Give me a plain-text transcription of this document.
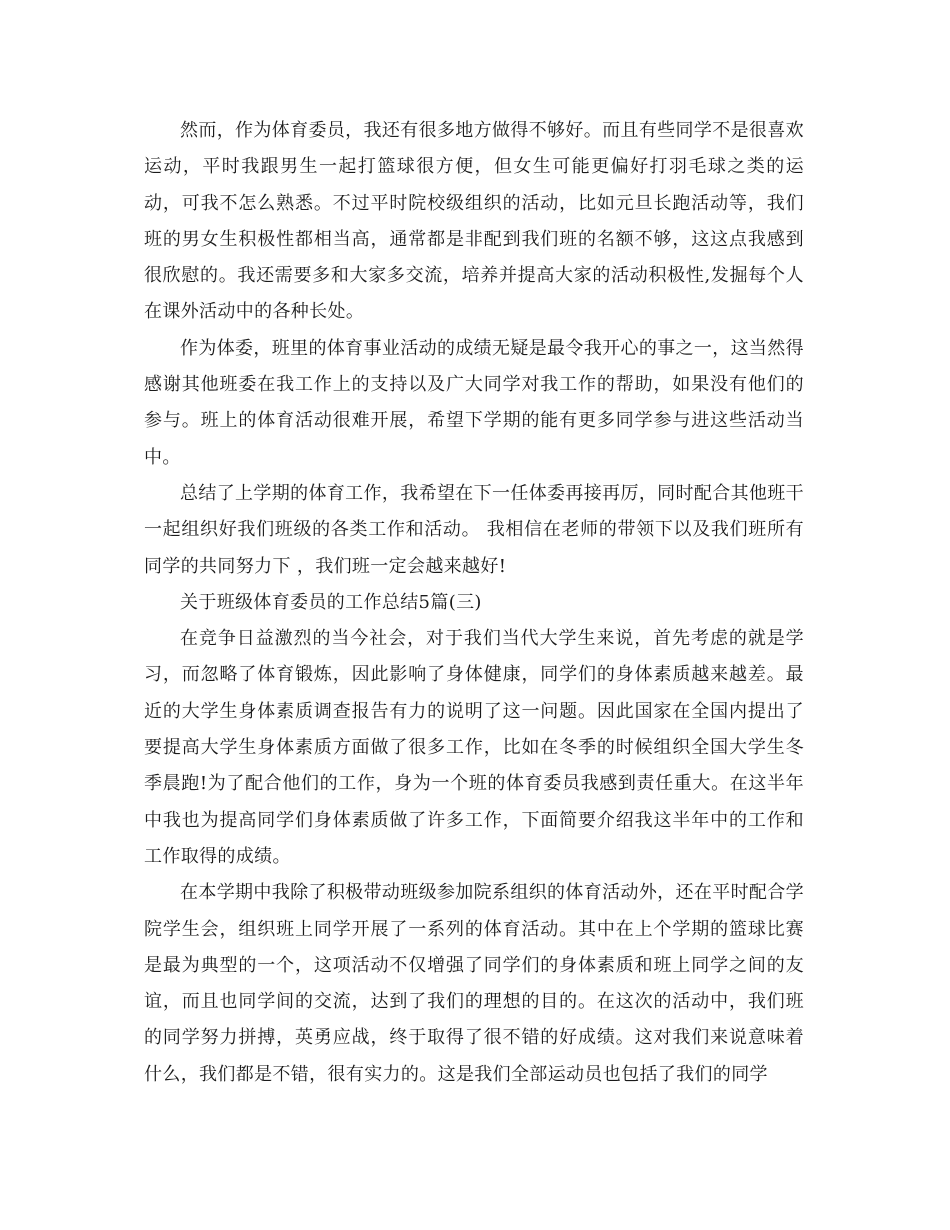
然而，作为体育委员，我还有很多地方做得不够好。而且有些同学不是很喜欢运动，平时我跟男生一起打篮球很方便，但女生可能更偏好打羽毛球之类的运动，可我不怎么熟悉。不过平时院校级组织的活动，比如元旦长跑活动等，我们班的男女生积极性都相当高，通常都是非配到我们班的名额不够，这这点我感到很欣慰的。我还需要多和大家多交流，培养并提高大家的活动积极性,发掘每个人在课外活动中的各种长处。

作为体委，班里的体育事业活动的成绩无疑是最令我开心的事之一，这当然得感谢其他班委在我工作上的支持以及广大同学对我工作的帮助，如果没有他们的参与。班上的体育活动很难开展，希望下学期的能有更多同学参与进这些活动当中。

总结了上学期的体育工作，我希望在下一任体委再接再厉，同时配合其他班干一起组织好我们班级的各类工作和活动。 我相信在老师的带领下以及我们班所有同学的共同努力下 ，我们班一定会越来越好!

关于班级体育委员的工作总结5篇(三)

在竞争日益激烈的当今社会，对于我们当代大学生来说，首先考虑的就是学习，而忽略了体育锻炼，因此影响了身体健康，同学们的身体素质越来越差。最近的大学生身体素质调查报告有力的说明了这一问题。因此国家在全国内提出了要提高大学生身体素质方面做了很多工作，比如在冬季的时候组织全国大学生冬季晨跑!为了配合他们的工作，身为一个班的体育委员我感到责任重大。在这半年中我也为提高同学们身体素质做了许多工作，下面简要介绍我这半年中的工作和工作取得的成绩。

在本学期中我除了积极带动班级参加院系组织的体育活动外，还在平时配合学院学生会，组织班上同学开展了一系列的体育活动。其中在上个学期的篮球比赛是最为典型的一个，这项活动不仅增强了同学们的身体素质和班上同学之间的友谊，而且也同学间的交流，达到了我们的理想的目的。在这次的活动中，我们班的同学努力拼搏，英勇应战，终于取得了很不错的好成绩。这对我们来说意味着什么，我们都是不错，很有实力的。这是我们全部运动员也包括了我们的同学
